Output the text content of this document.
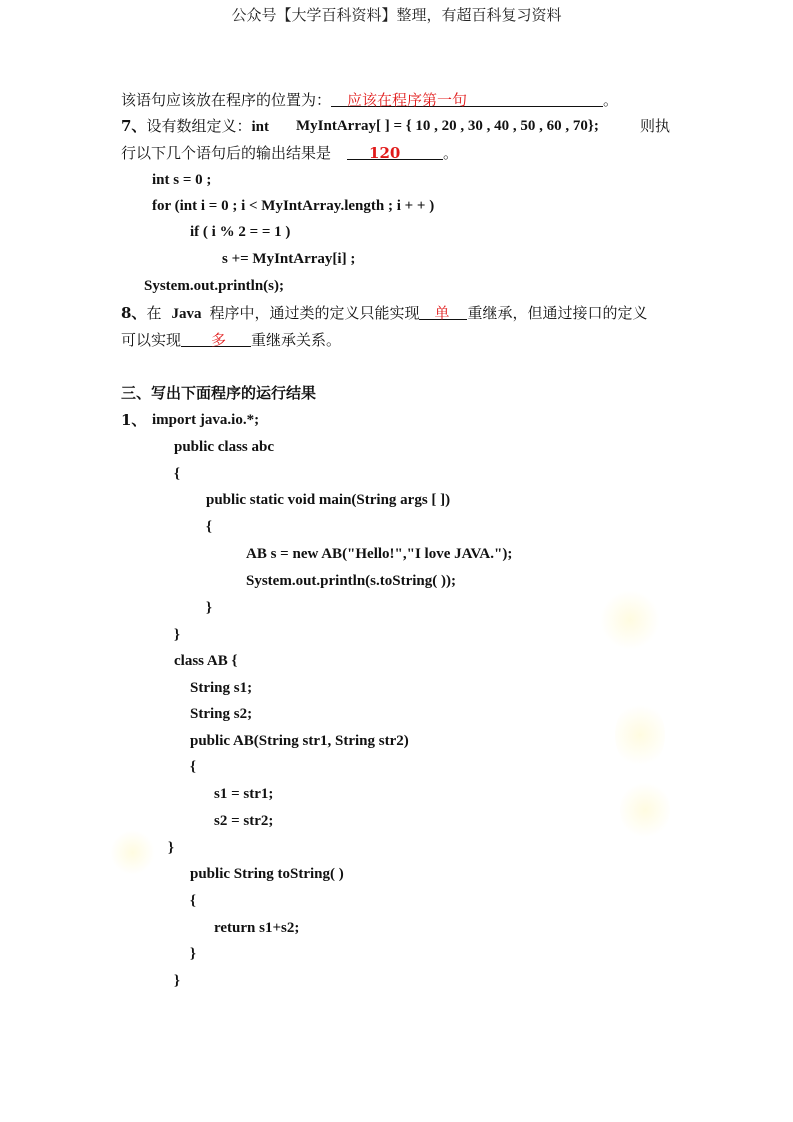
公众号【大学百科资料】整理，有超百科复习资料
该语句应该放在程序的位置为： 应该在程序第一句	。
7、设有数组定义：int MyIntArray[ ] = { 10 , 20 , 30 , 40 , 50 , 60 , 70};	则执
行以下几个语句后的输出结果是	120	。
int s = 0 ;
for (int i = 0 ; i < MyIntArray.length ; i + + )
if ( i % 2 = = 1 )
s += MyIntArray[i] ;
System.out.println(s);
8、在 Java 程序中，通过类的定义只能实现 单 重继承，但通过接口的定义
可以实现 多 重继承关系。
三、写出下面程序的运行结果
1、 import java.io.*;
public class abc
{
public static void main(String args [ ])
{
AB s = new AB("Hello!","I love JAVA.");
System.out.println(s.toString( ));
}
}
class AB {
String s1;
String s2;
public AB(String str1, String str2)
{
s1 = str1;
s2 = str2;
}
public String toString( )
{
return s1+s2;
}
}
